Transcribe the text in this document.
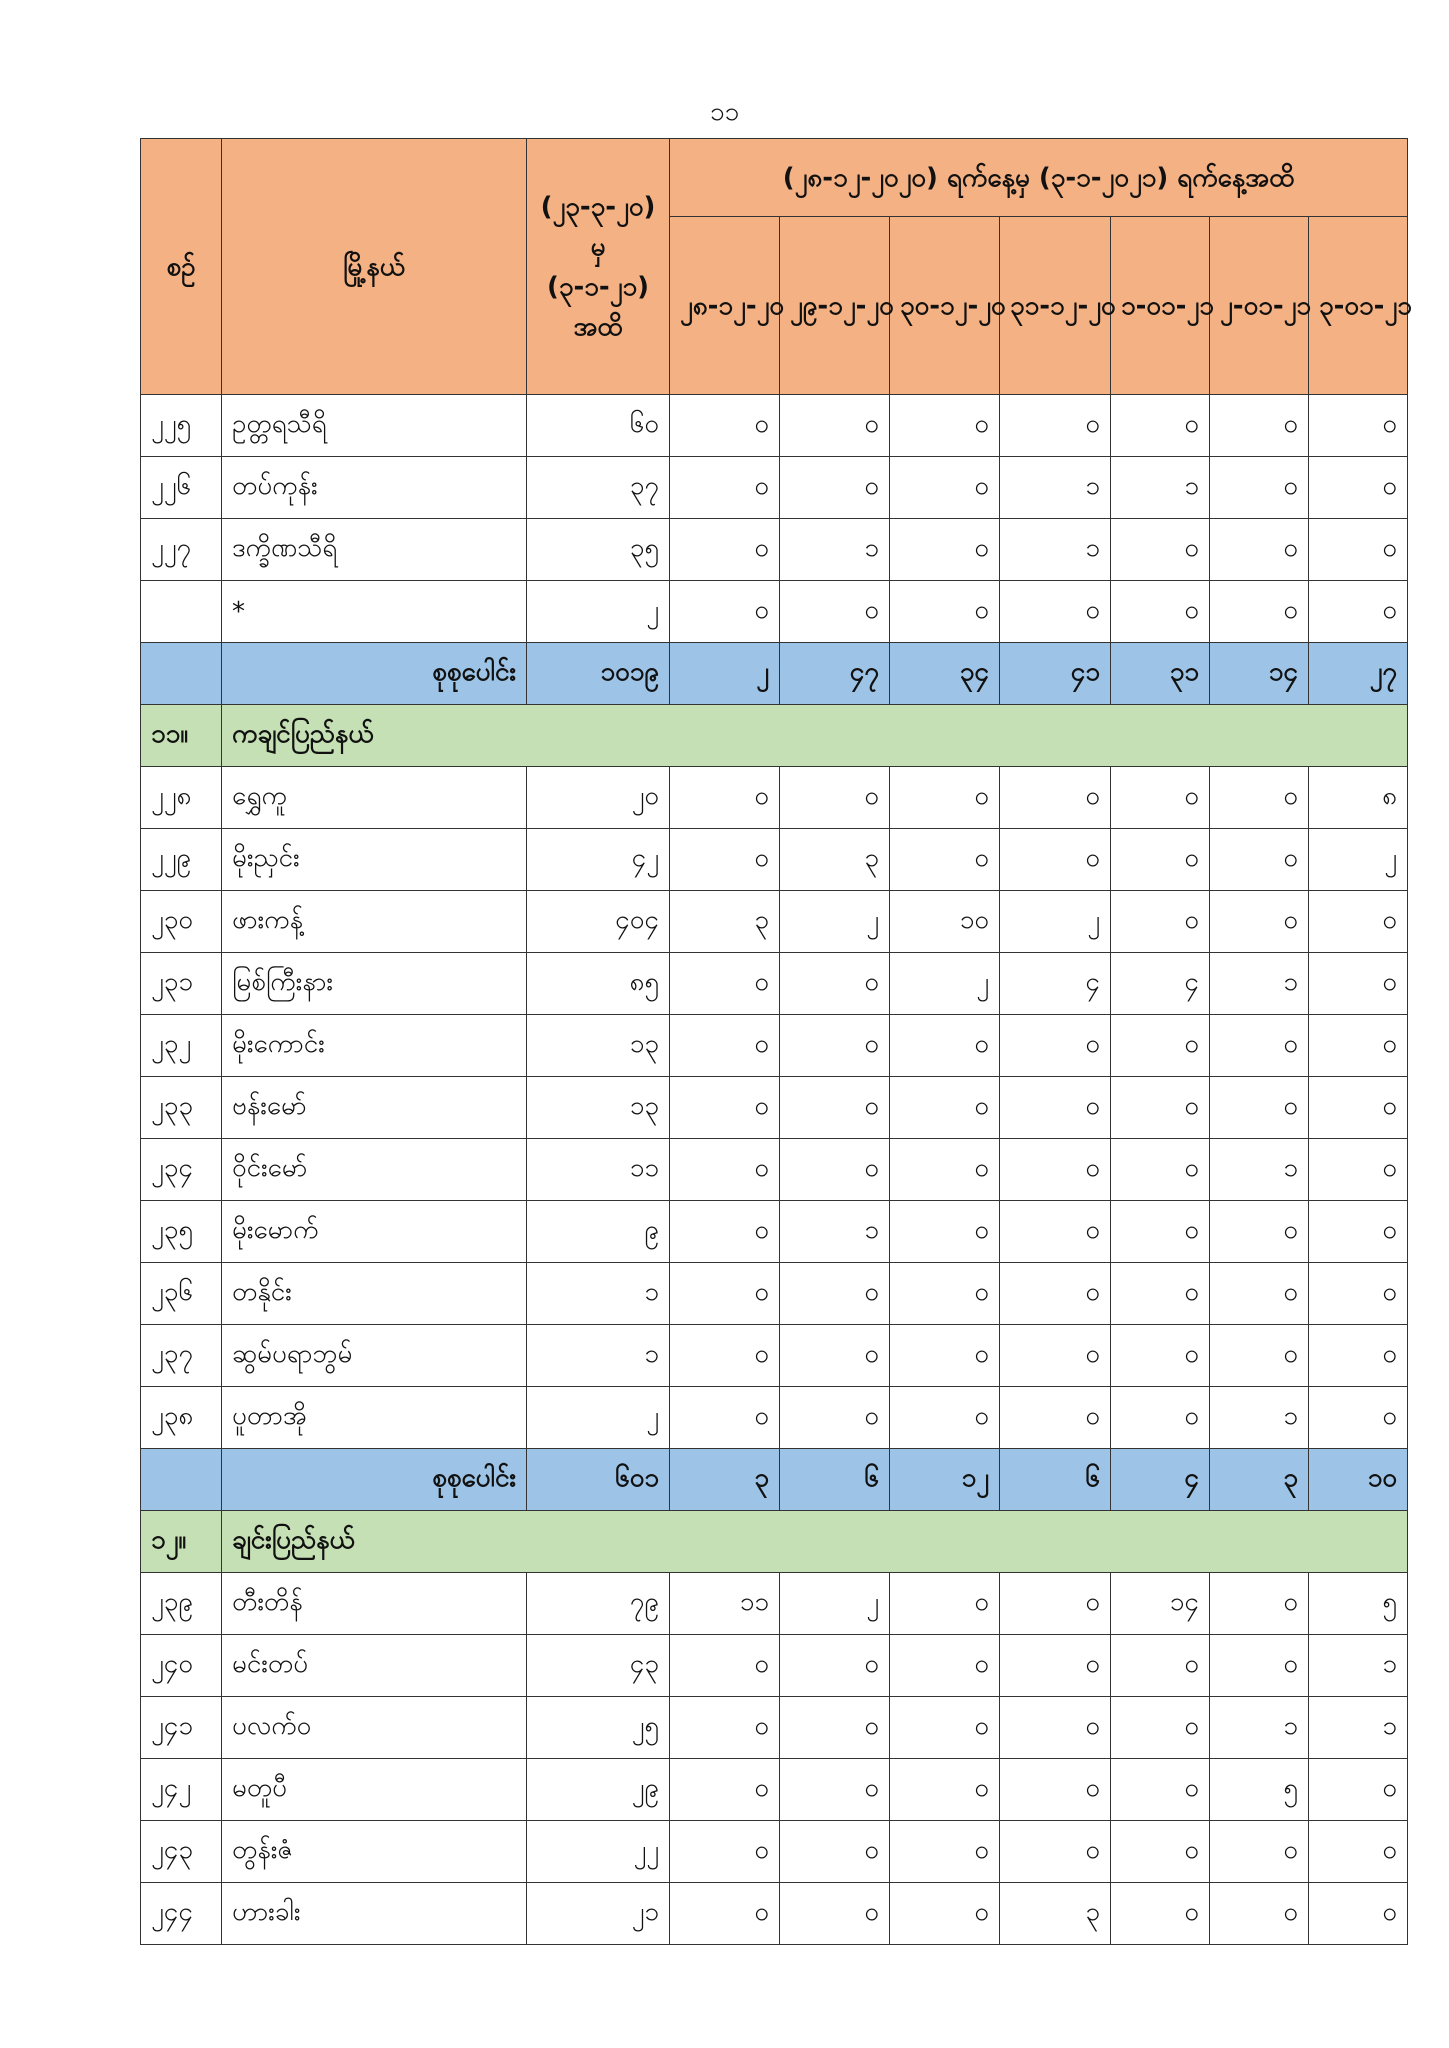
၁၁
စဉ်	မြို့နယ်	(၂၃-၃-၂၀) မှ (၃-၁-၂၁) အထိ	(၂၈-၁၂-၂၀၂၀) ရက်နေ့မှ (၃-၁-၂၀၂၁) ရက်နေ့အထိ						
			၂၈-၁၂-၂၀	၂၉-၁၂-၂၀	၃၀-၁၂-၂၀	၃၁-၁၂-၂၀	၁-၀၁-၂၁	၂-၀၁-၂၁	၃-၀၁-၂၁
၂၂၅	ဥတ္တရသီရိ	၆၀	၀	၀	၀	၀	၀	၀	၀
၂၂၆	တပ်ကုန်း	၃၇	၀	၀	၀	၁	၁	၀	၀
၂၂၇	ဒက္ခိဏသီရိ	၃၅	၀	၁	၀	၁	၀	၀	၀
	*	၂	၀	၀	၀	၀	၀	၀	၀
	စုစုပေါင်း	၁၀၁၉	၂	၄၇	၃၄	၄၁	၃၁	၁၄	၂၇
၁၁။	ကချင်ပြည်နယ်								
၂၂၈	ရွှေကူ	၂၀	၀	၀	၀	၀	၀	၀	၈
၂၂၉	မိုးညှင်း	၄၂	၀	၃	၀	၀	၀	၀	၂
၂၃၀	ဖားကန့်	၄၀၄	၃	၂	၁၀	၂	၀	၀	၀
၂၃၁	မြစ်ကြီးနား	၈၅	၀	၀	၂	၄	၄	၁	၀
၂၃၂	မိုးကောင်း	၁၃	၀	၀	၀	၀	၀	၀	၀
၂၃၃	ဗန်းမော်	၁၃	၀	၀	၀	၀	၀	၀	၀
၂၃၄	ဝိုင်းမော်	၁၁	၀	၀	၀	၀	၀	၁	၀
၂၃၅	မိုးမောက်	၉	၀	၁	၀	၀	၀	၀	၀
၂၃၆	တနိုင်း	၁	၀	၀	၀	၀	၀	၀	၀
၂၃၇	ဆွမ်ပရာဘွမ်	၁	၀	၀	၀	၀	၀	၀	၀
၂၃၈	ပူတာအို	၂	၀	၀	၀	၀	၀	၁	၀
	စုစုပေါင်း	၆၀၁	၃	၆	၁၂	၆	၄	၃	၁၀
၁၂။	ချင်းပြည်နယ်								
၂၃၉	တီးတိန်	၇၉	၁၁	၂	၀	၀	၁၄	၀	၅
၂၄၀	မင်းတပ်	၄၃	၀	၀	၀	၀	၀	၀	၁
၂၄၁	ပလက်ဝ	၂၅	၀	၀	၀	၀	၀	၁	၁
၂၄၂	မတူပီ	၂၉	၀	၀	၀	၀	၀	၅	၀
၂၄၃	တွန်းဇံ	၂၂	၀	၀	၀	၀	၀	၀	၀
၂၄၄	ဟားခါး	၂၁	၀	၀	၀	၃	၀	၀	၀
